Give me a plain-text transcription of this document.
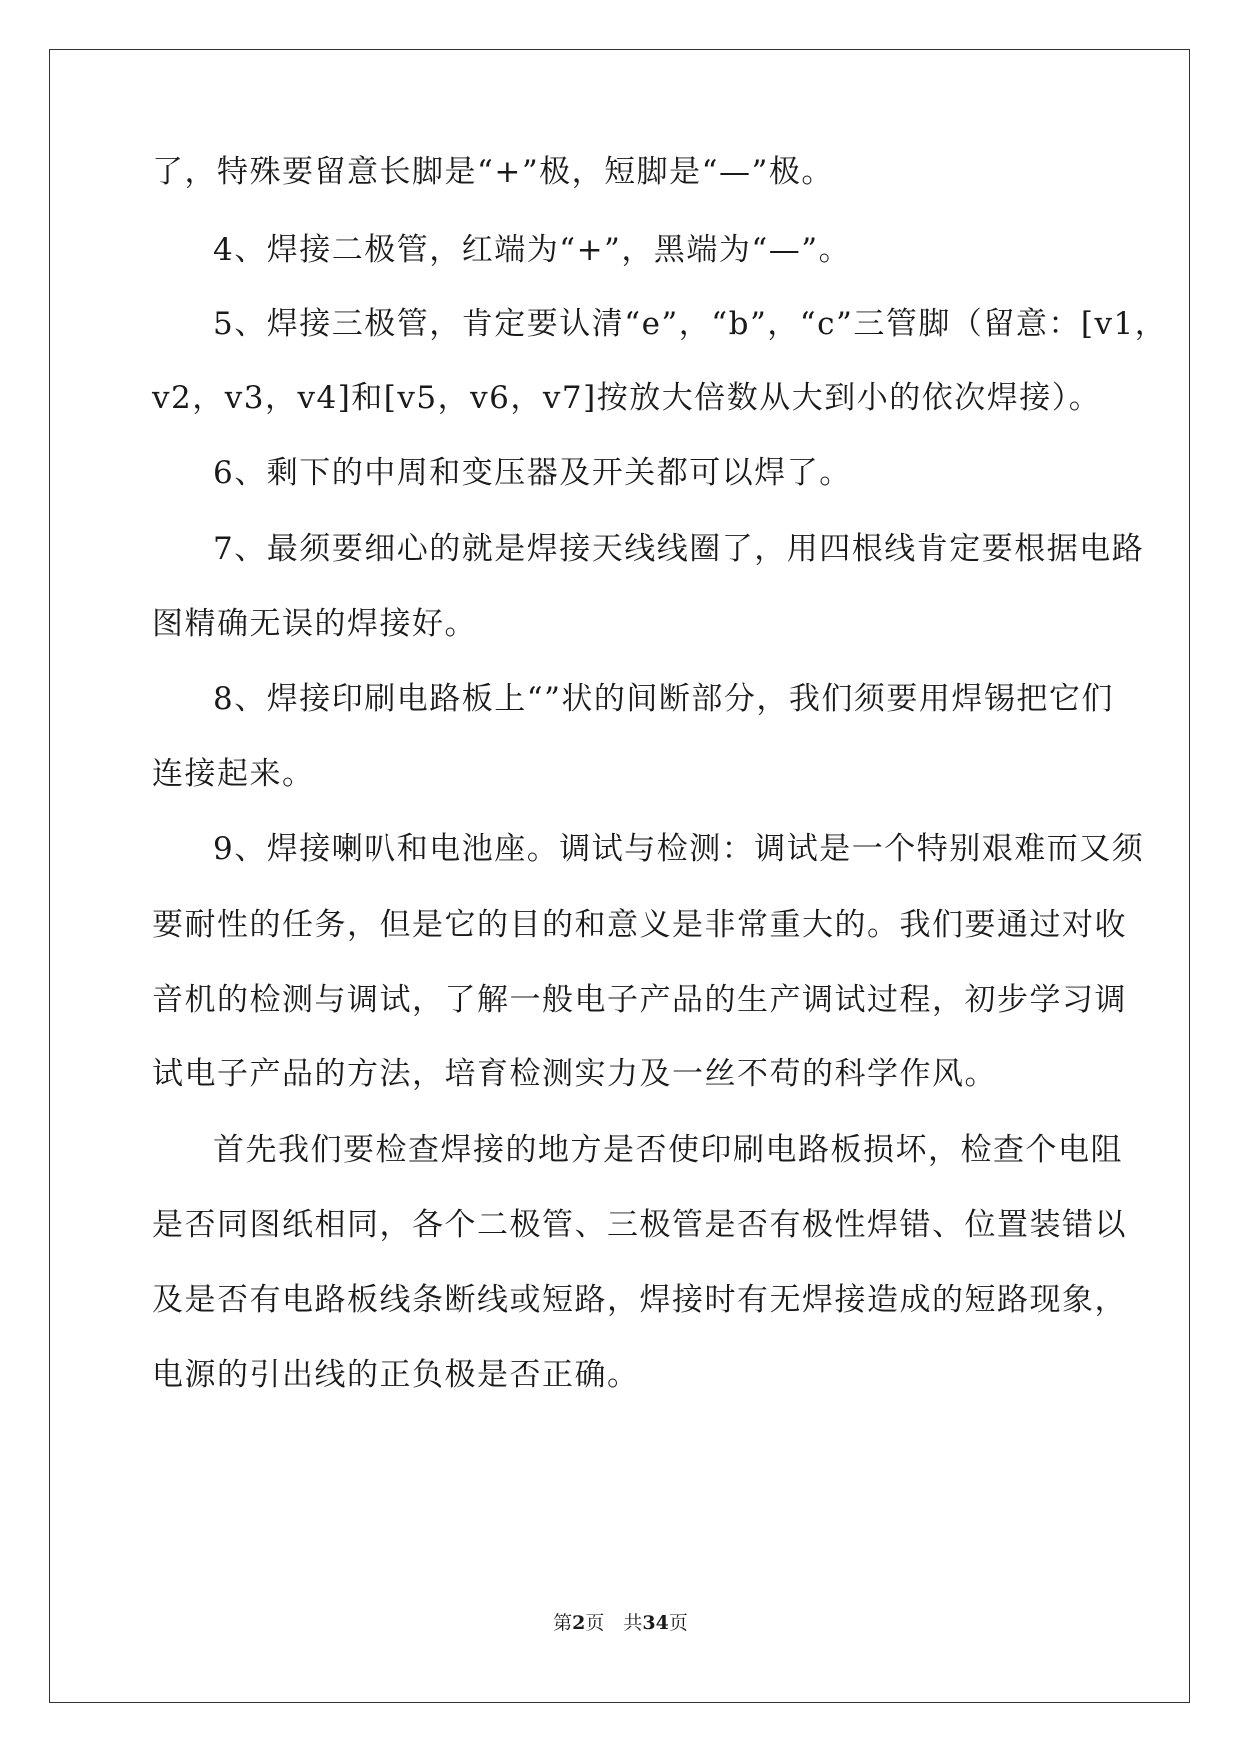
了，特殊要留意长脚是“+”极，短脚是“—”极。
4、焊接二极管，红端为“+”，黑端为“—”。
5、焊接三极管，肯定要认清“e”，“b”，“c”三管脚（留意：[v1，
v2，v3，v4]和[v5，v6，v7]按放大倍数从大到小的依次焊接）。
6、剩下的中周和变压器及开关都可以焊了。
7、最须要细心的就是焊接天线线圈了，用四根线肯定要根据电路
图精确无误的焊接好。
8、焊接印刷电路板上“”状的间断部分，我们须要用焊锡把它们
连接起来。
9、焊接喇叭和电池座。调试与检测：调试是一个特别艰难而又须
要耐性的任务，但是它的目的和意义是非常重大的。我们要通过对收
音机的检测与调试，了解一般电子产品的生产调试过程，初步学习调
试电子产品的方法，培育检测实力及一丝不苟的科学作风。
首先我们要检查焊接的地方是否使印刷电路板损坏，检查个电阻
是否同图纸相同，各个二极管、三极管是否有极性焊错、位置装错以
及是否有电路板线条断线或短路，焊接时有无焊接造成的短路现象，
电源的引出线的正负极是否正确。
第2页　共34页
